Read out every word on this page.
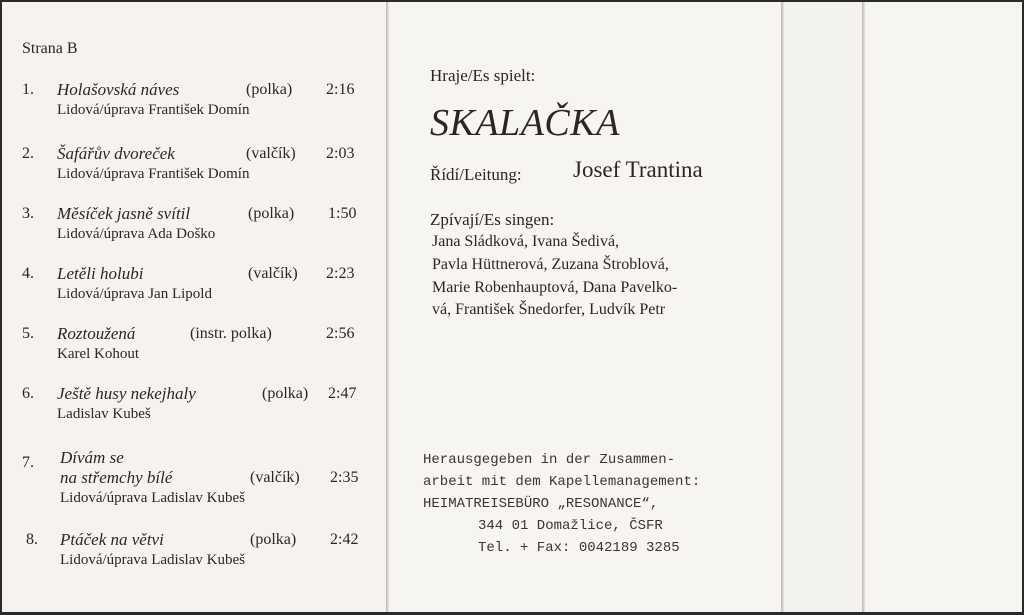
Strana B
1. Holašovská náves	(polka) 2:16
Lidová/úprava František Domín
2. Šafářův dvoreček	(valčík) 2:03
Lidová/úprava František Domín
3. Měsíček jasně svítil	(polka) 1:50
Lidová/úprava Ada Doško
4. Letěli holubi	(valčík) 2:23
Lidová/úprava Jan Lipold
5. Roztoužená	(instr. polka)	2:56
Karel Kohout
6. Ještě husy nekejhaly	(polka) 2:47
Ladislav Kubeš
7. Dívám se
na střemchy bílé	(valčík) 2:35
Lidová/úprava Ladislav Kubeš
8. Ptáček na větvi	(polka) 2:42
Lidová/úprava Ladislav Kubeš
Hraje/Es spielt:
SKALAČKA
Řídí/Leitung: Josef Trantina
Zpívají/Es singen:
Jana Sládková, Ivana Šedivá,
Pavla Hüttnerová, Zuzana Štroblová,
Marie Robenhauptová, Dana Pavelko-
vá, František Šnedorfer, Ludvík Petr
Herausgegeben in der Zusammen-
arbeit mit dem Kapellemanagement:
HEIMATREISEBÜRO „RESONANCE“,
344 01 Domažlice, ČSFR
Tel. + Fax: 0042189 3285
